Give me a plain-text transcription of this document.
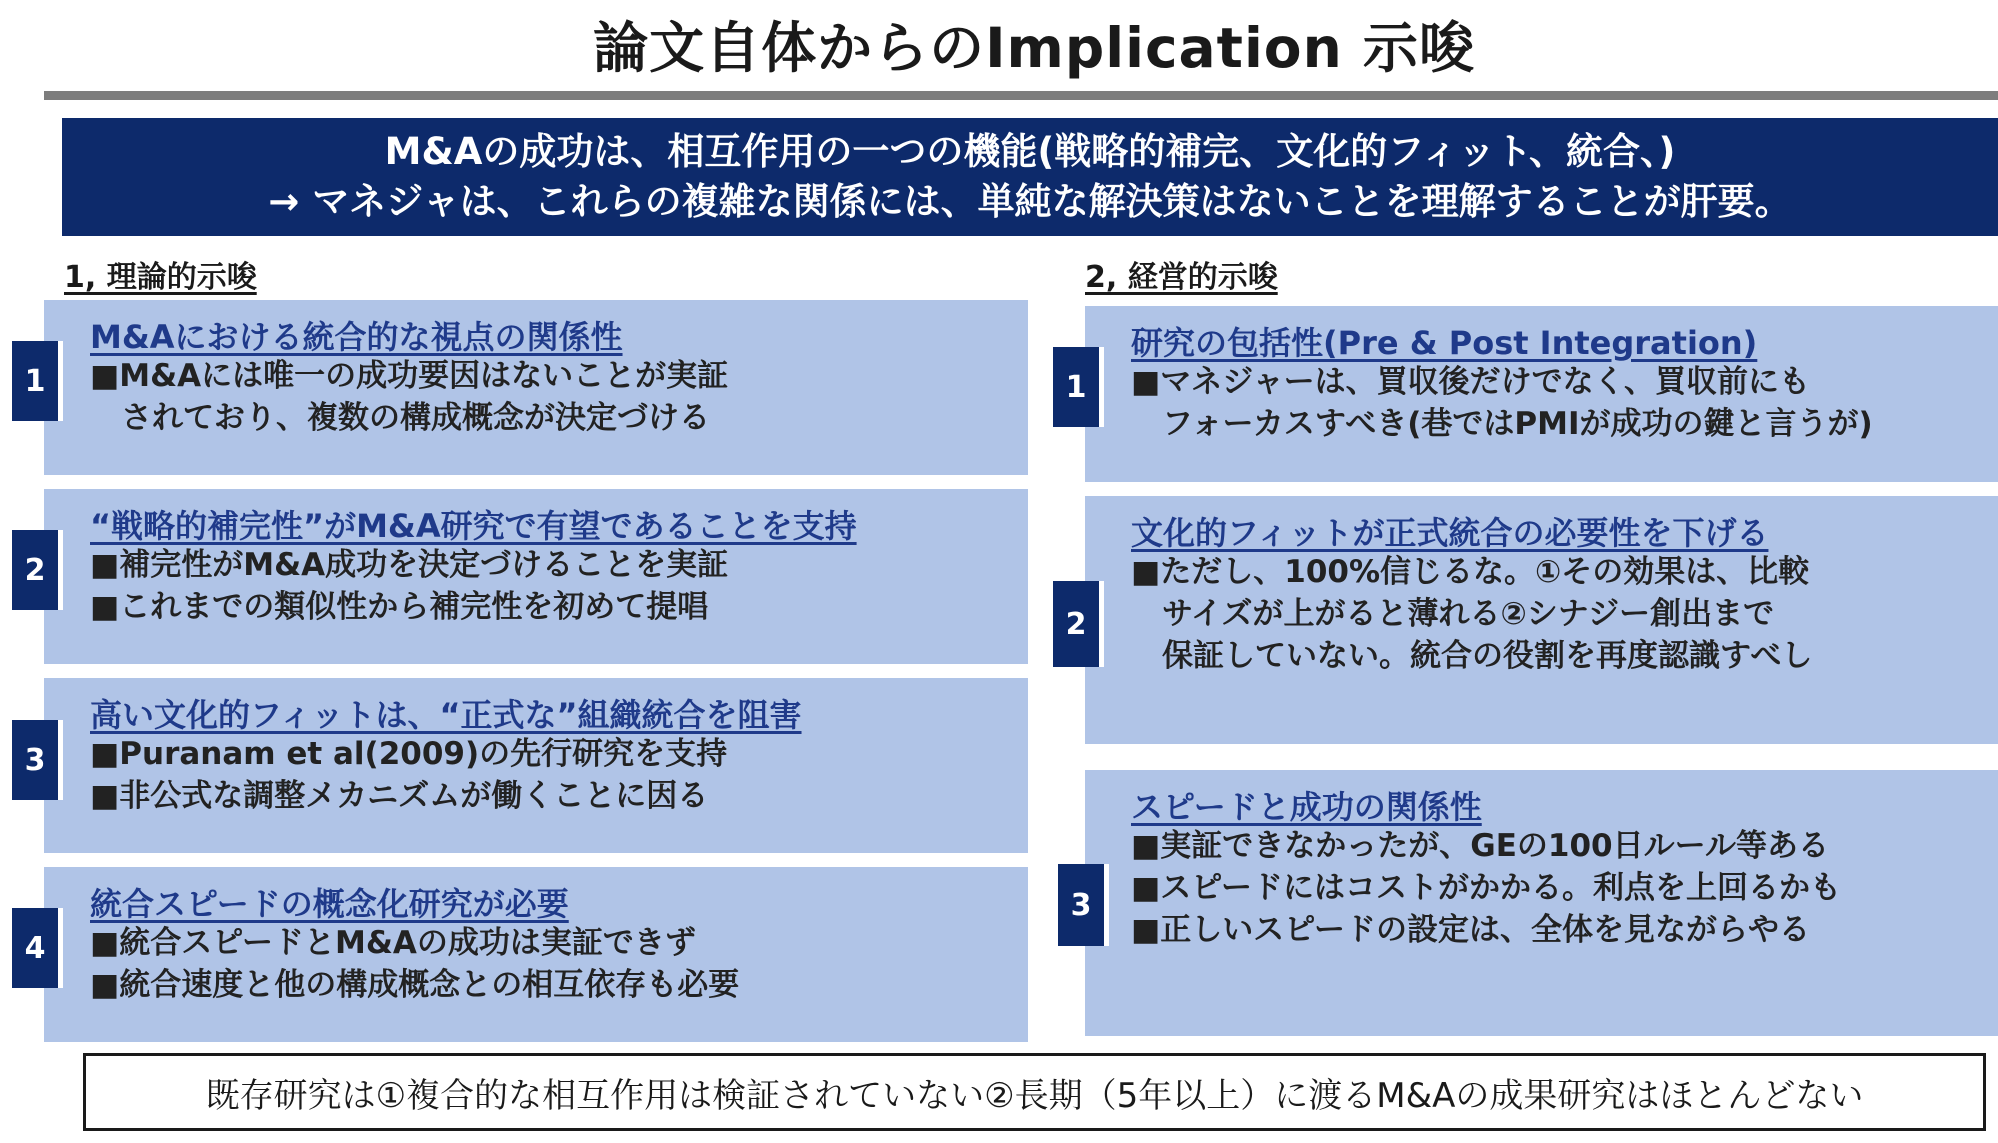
論文自体からのImplication 示唆
M&Aの成功は、相互作用の一つの機能(戦略的補完、文化的フィット、統合、)
→ マネジャは、これらの複雑な関係には、単純な解決策はないことを理解することが肝要。
1, 理論的示唆
M&Aにおける統合的な視点の関係性
■M&Aには唯一の成功要因はないことが実証
　されており、複数の構成概念が決定づける
1
“戦略的補完性”がM&A研究で有望であることを支持
■補完性がM&A成功を決定づけることを実証
■これまでの類似性から補完性を初めて提唱
2
高い文化的フィットは、“正式な”組織統合を阻害
■Puranam et al(2009)の先行研究を支持
■非公式な調整メカニズムが働くことに因る
3
統合スピードの概念化研究が必要
■統合スピードとM&Aの成功は実証できず
■統合速度と他の構成概念との相互依存も必要
4
2, 経営的示唆
研究の包括性(Pre & Post Integration)
■マネジャーは、買収後だけでなく、買収前にも
　フォーカスすべき(巷ではPMIが成功の鍵と言うが)
1
文化的フィットが正式統合の必要性を下げる
■ただし、100%信じるな。①その効果は、比較
　サイズが上がると薄れる②シナジー創出まで
　保証していない。統合の役割を再度認識すべし
2
スピードと成功の関係性
■実証できなかったが、GEの100日ルール等ある
■スピードにはコストがかかる。利点を上回るかも
■正しいスピードの設定は、全体を見ながらやる
3
既存研究は①複合的な相互作用は検証されていない②長期（5年以上）に渡るM&Aの成果研究はほとんどない
